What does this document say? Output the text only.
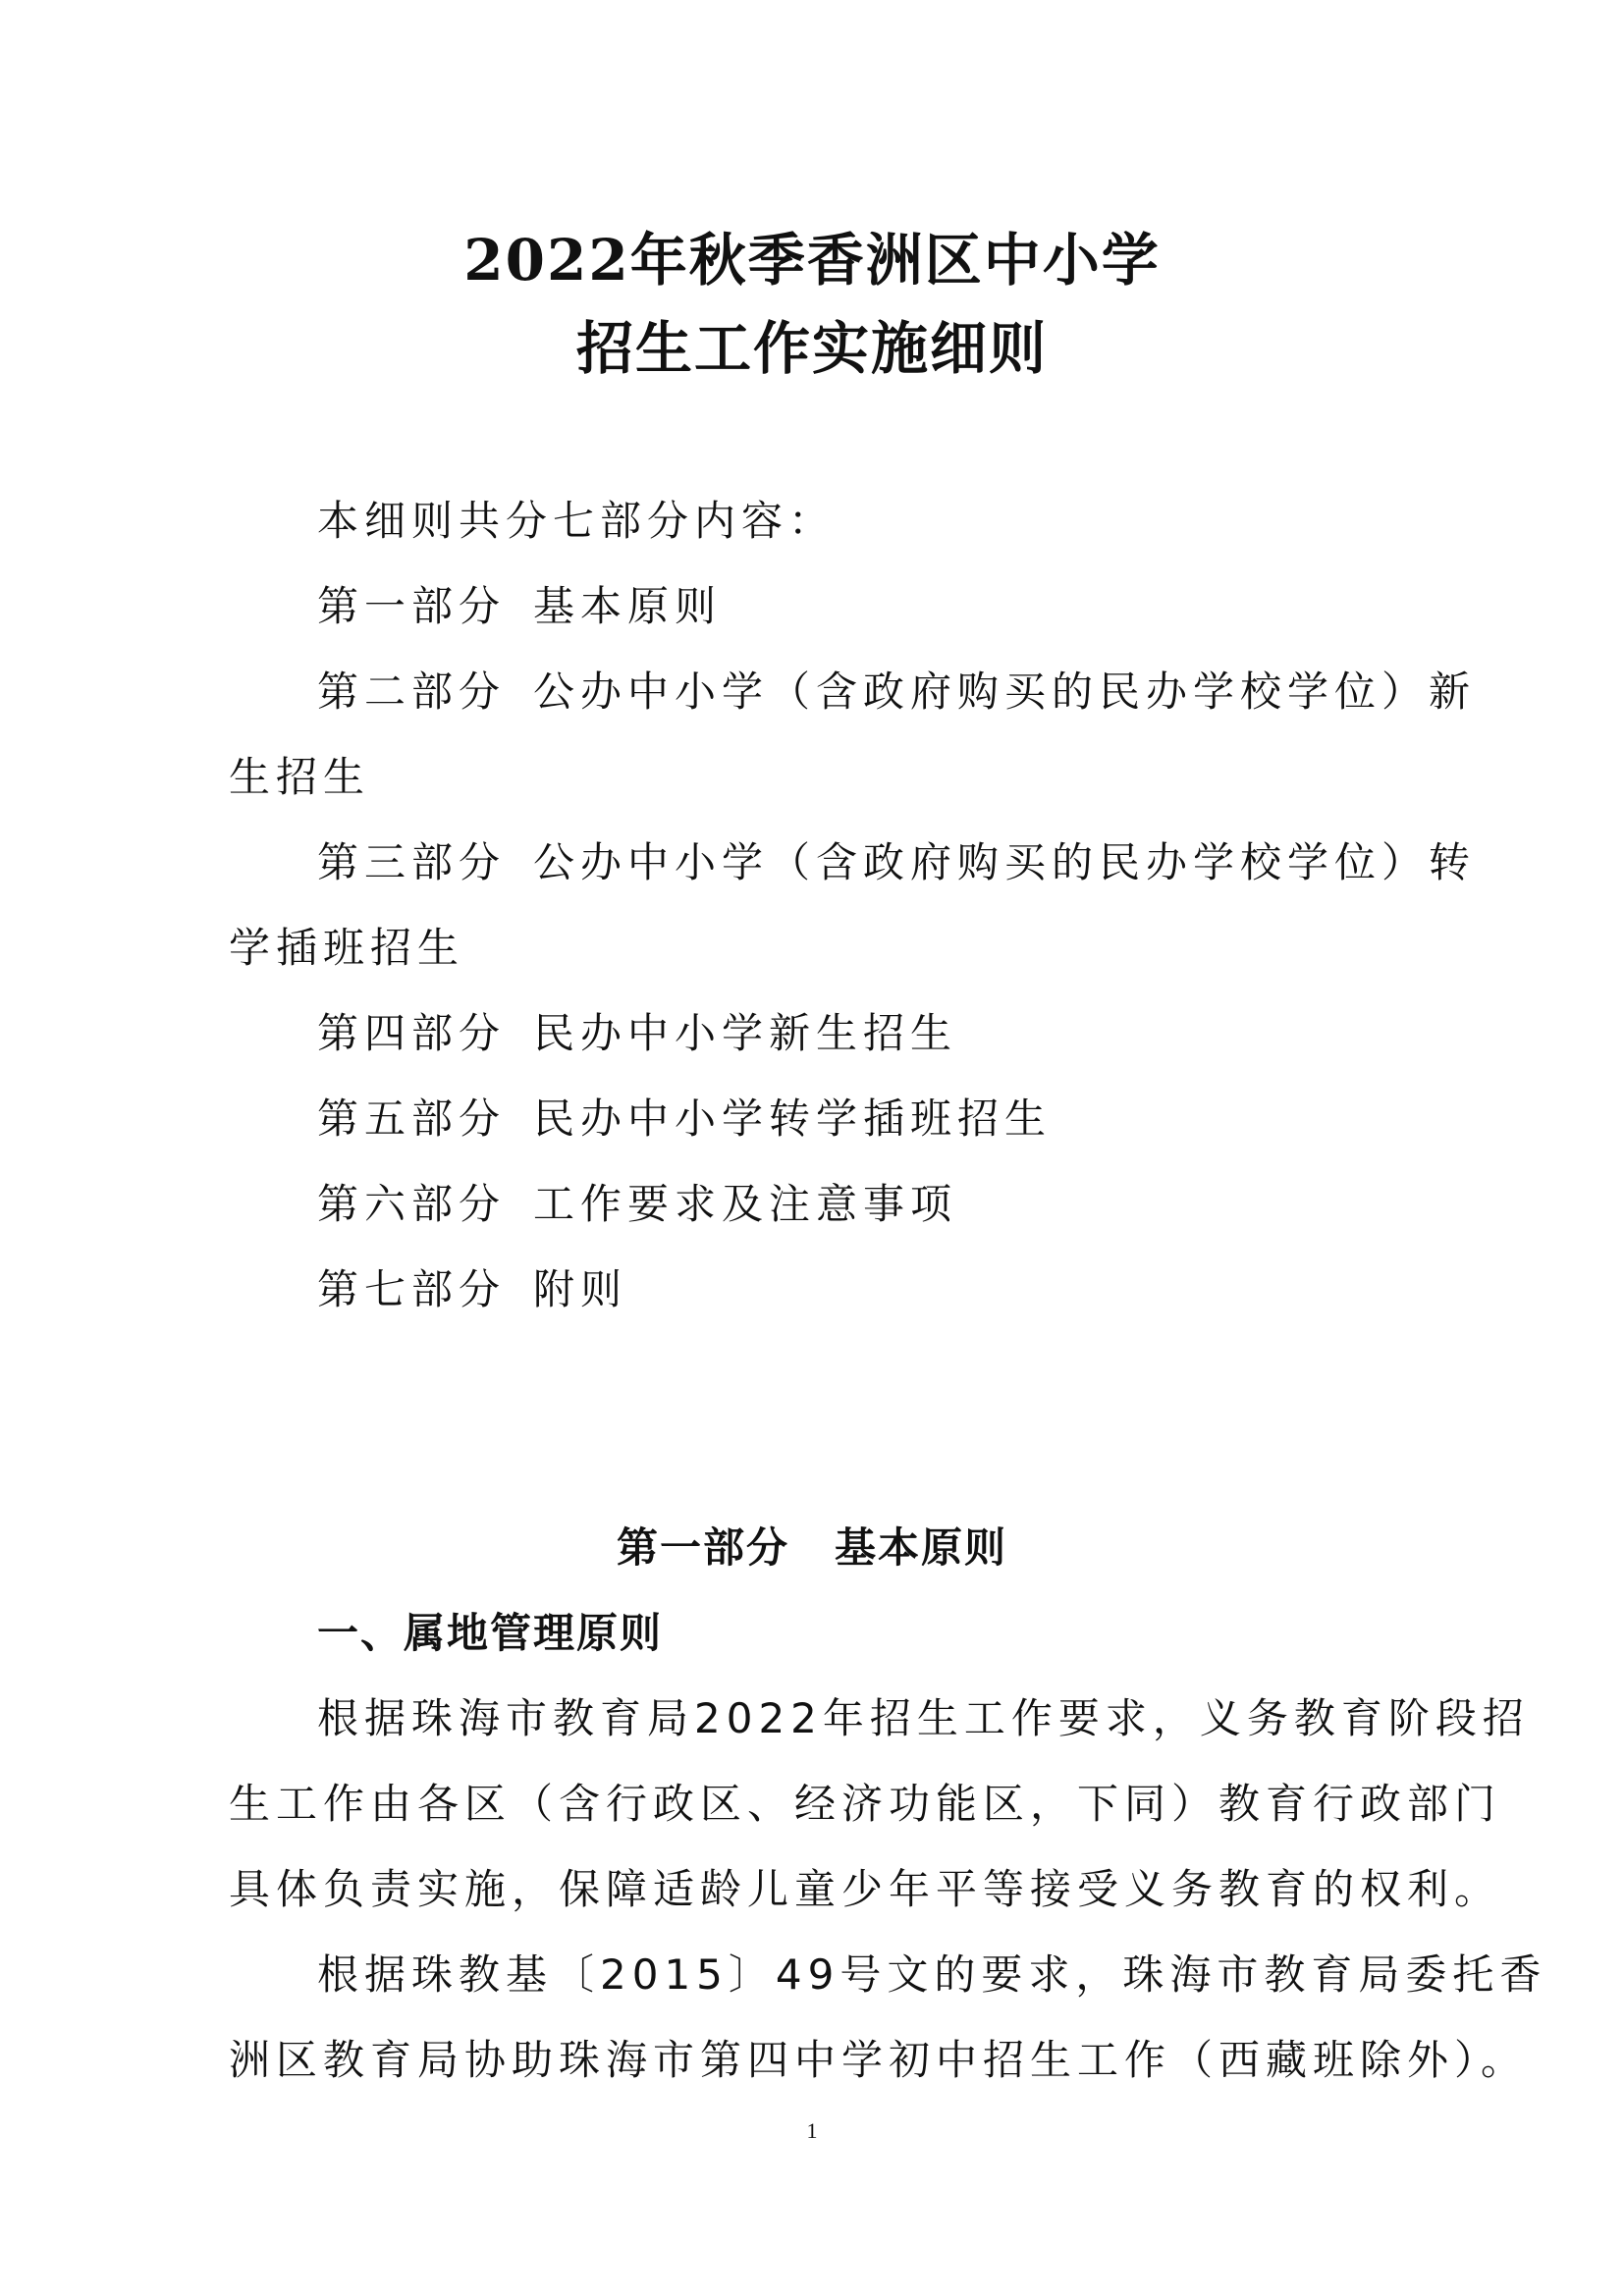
2022年秋季香洲区中小学
招生工作实施细则
本细则共分七部分内容：
第一部分 基本原则
第二部分 公办中小学（含政府购买的民办学校学位）新
生招生
第三部分 公办中小学（含政府购买的民办学校学位）转
学插班招生
第四部分 民办中小学新生招生
第五部分 民办中小学转学插班招生
第六部分 工作要求及注意事项
第七部分 附则
第一部分 基本原则
一、属地管理原则
根据珠海市教育局2022年招生工作要求，义务教育阶段招
生工作由各区（含行政区、经济功能区，下同）教育行政部门
具体负责实施，保障适龄儿童少年平等接受义务教育的权利。
根据珠教基〔2015〕49号文的要求，珠海市教育局委托香
洲区教育局协助珠海市第四中学初中招生工作（西藏班除外）。
1
